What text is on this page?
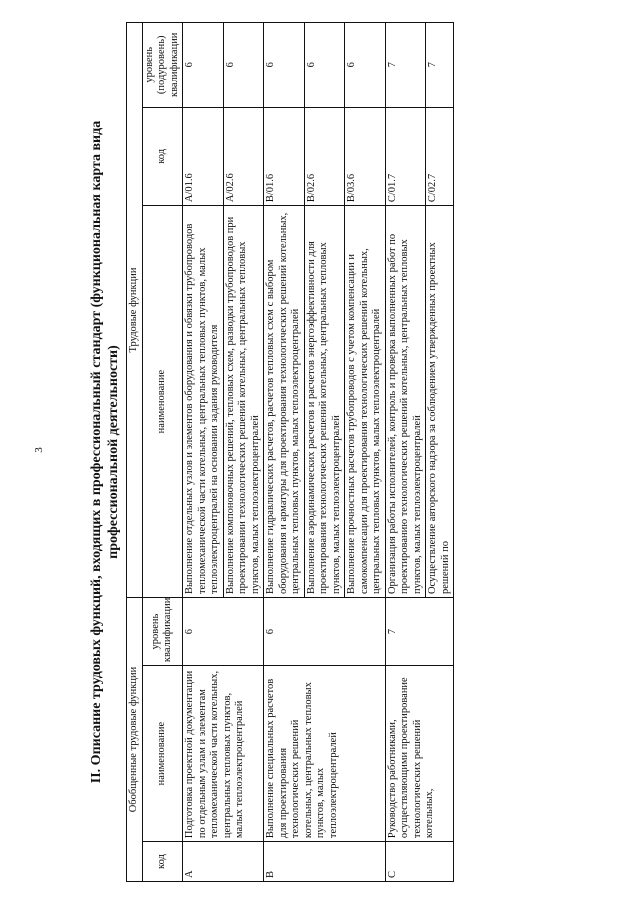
3	II. Описание трудовых функций, входящих в профессиональный стандарт (функциональная карта вида профессиональной деятельности)
Обобщенные трудовые функции			Трудовые функции		
код	наименование	уровень квалификации	наименование	код	уровень (подуровень) квалификации
A	Подготовка проектной документации по отдельным узлам и элементам тепломеханической части котельных, центральных тепловых пунктов, малых теплоэлектроцентралей	6	Выполнение отдельных узлов и элементов оборудования и обвязки трубопроводов тепломеханической части котельных, центральных тепловых пунктов, малых теплоэлектроцентралей на основании задания руководителя	A/01.6	6
			Выполнение компоновочных решений, тепловых схем, разводки трубопроводов при проектировании технологических решений котельных, центральных тепловых пунктов, малых теплоэлектроцентралей	A/02.6	6
B	Выполнение специальных расчетов для проектирования технологических решений котельных, центральных тепловых пунктов, малых теплоэлектроцентралей	6	Выполнение гидравлических расчетов, расчетов тепловых схем с выбором оборудования и арматуры для проектирования технологических решений котельных, центральных тепловых пунктов, малых теплоэлектроцентралей	B/01.6	6
			Выполнение аэродинамических расчетов и расчетов энергоэффективности для проектирования технологических решений котельных, центральных тепловых пунктов, малых теплоэлектроцентралей	B/02.6	6
			Выполнение прочностных расчетов трубопроводов с учетом компенсации и самокомпенсации для проектирования технологических решений котельных, центральных тепловых пунктов, малых теплоэлектроцентралей	B/03.6	6
C	Руководство работниками, осуществляющими проектирование технологических решений котельных,	7	Организация работы исполнителей, контроль и проверка выполненных работ по проектированию технологических решений котельных, центральных тепловых пунктов, малых теплоэлектроцентралей	C/01.7	7
			Осуществление авторского надзора за соблюдением утвержденных проектных решений по	C/02.7	7
